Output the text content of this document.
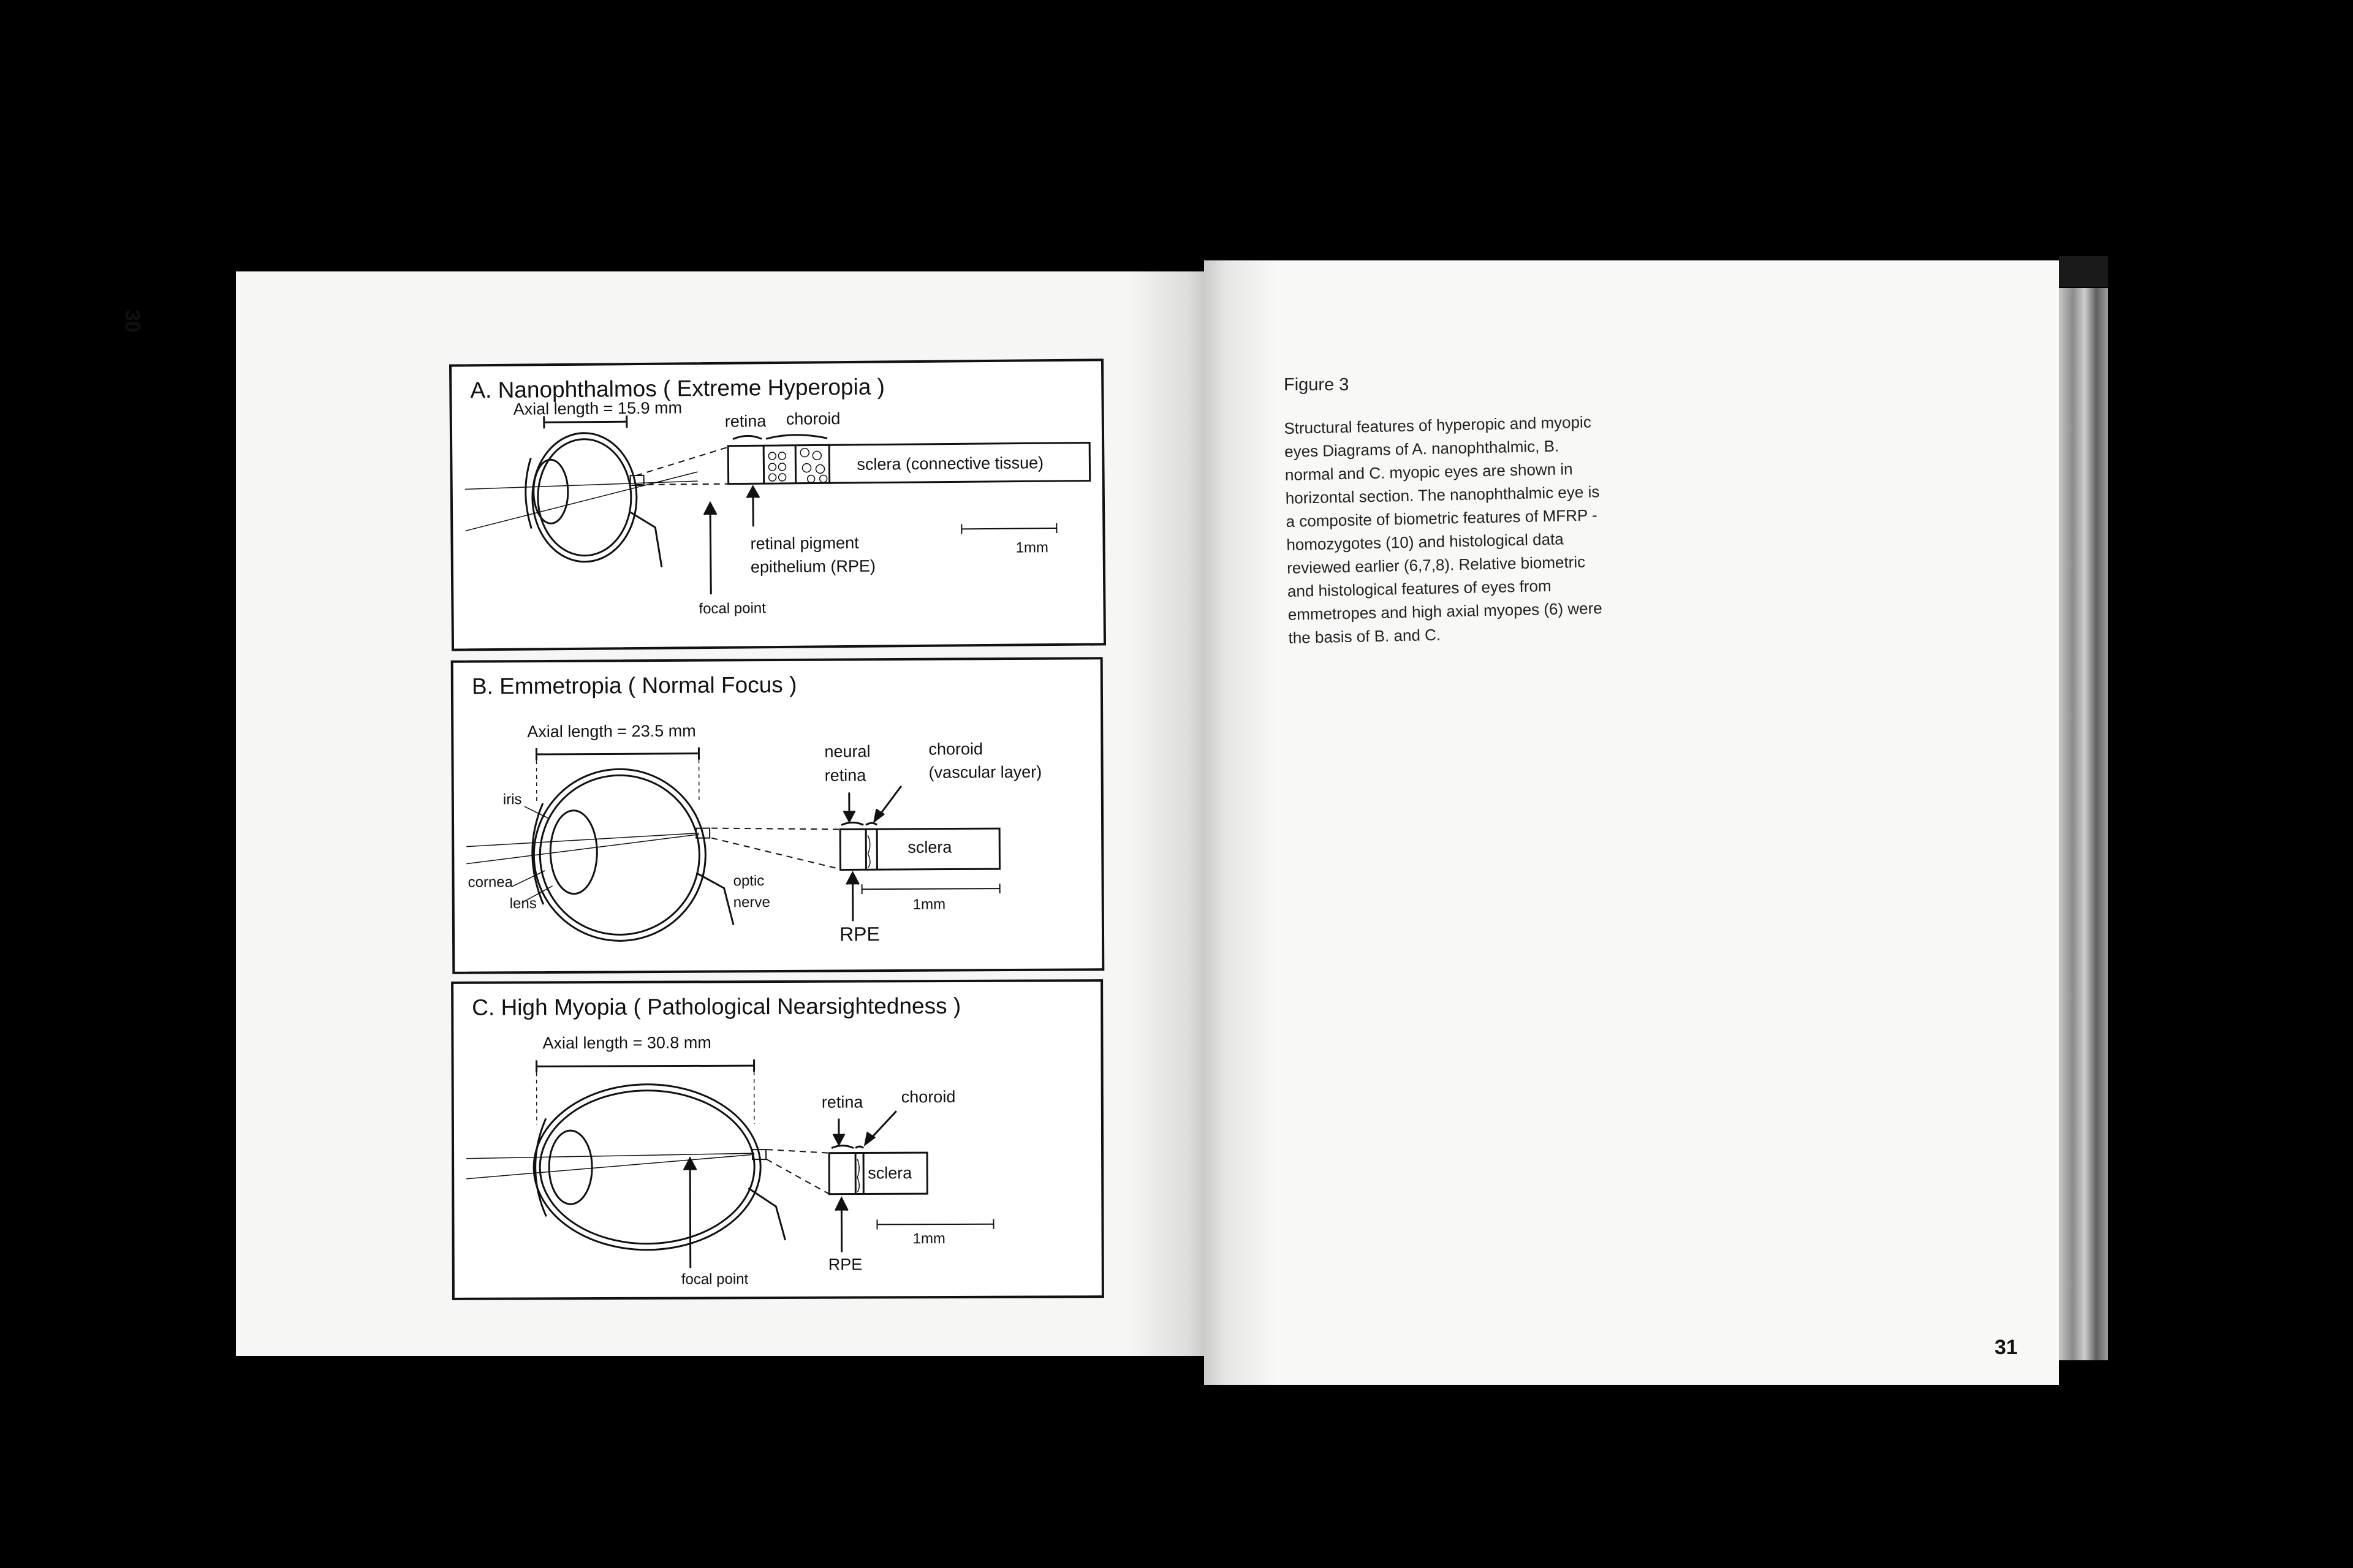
30
A. Nanophthalmos ( Extreme Hyperopia )
Axial length = 15.9 mm
retina choroid
sclera (connective tissue)
1mm
retinal pigment
epithelium (RPE)
focal point
B. Emmetropia ( Normal Focus )
Axial length = 23.5 mm
iris
cornea
lens
optic
nerve
neural
retina
choroid
(vascular layer)
sclera
1mm
RPE
C. High Myopia ( Pathological Nearsightedness )
Axial length = 30.8 mm
retina choroid
sclera
1mm
RPE
focal point
Figure 3

Structural features of hyperopic and myopic eyes Diagrams of A. nanophthalmic, B. normal and C. myopic eyes are shown in horizontal section. The nanophthalmic eye is a composite of biometric features of MFRP - homozygotes (10) and histological data reviewed earlier (6,7,8). Relative biometric and histological features of eyes from emmetropes and high axial myopes (6) were the basis of B. and C.

31
